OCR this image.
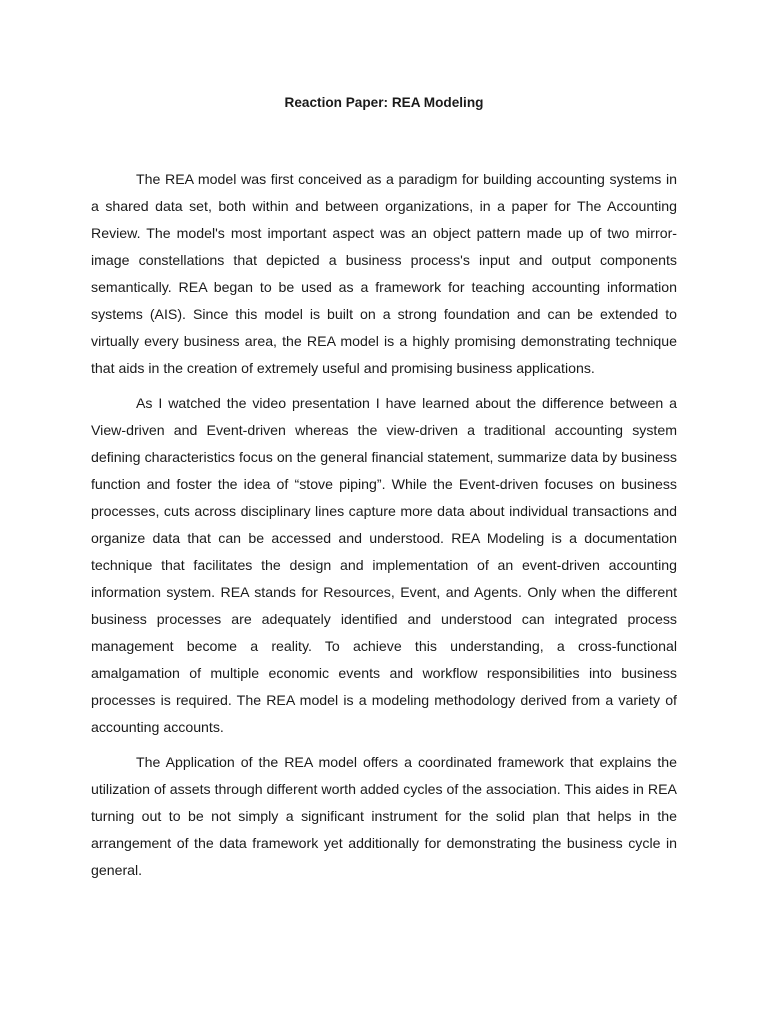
Reaction Paper: REA Modeling

The REA model was first conceived as a paradigm for building accounting systems in a shared data set, both within and between organizations, in a paper for The Accounting Review. The model's most important aspect was an object pattern made up of two mirror-image constellations that depicted a business process's input and output components semantically. REA began to be used as a framework for teaching accounting information systems (AIS). Since this model is built on a strong foundation and can be extended to virtually every business area, the REA model is a highly promising demonstrating technique that aids in the creation of extremely useful and promising business applications.

As I watched the video presentation I have learned about the difference between a View-driven and Event-driven whereas the view-driven a traditional accounting system defining characteristics focus on the general financial statement, summarize data by business function and foster the idea of “stove piping”. While the Event-driven focuses on business processes, cuts across disciplinary lines capture more data about individual transactions and organize data that can be accessed and understood. REA Modeling is a documentation technique that facilitates the design and implementation of an event-driven accounting information system. REA stands for Resources, Event, and Agents. Only when the different business processes are adequately identified and understood can integrated process management become a reality. To achieve this understanding, a cross-functional amalgamation of multiple economic events and workflow responsibilities into business processes is required. The REA model is a modeling methodology derived from a variety of accounting accounts.

The Application of the REA model offers a coordinated framework that explains the utilization of assets through different worth added cycles of the association. This aides in REA turning out to be not simply a significant instrument for the solid plan that helps in the arrangement of the data framework yet additionally for demonstrating the business cycle in general.
